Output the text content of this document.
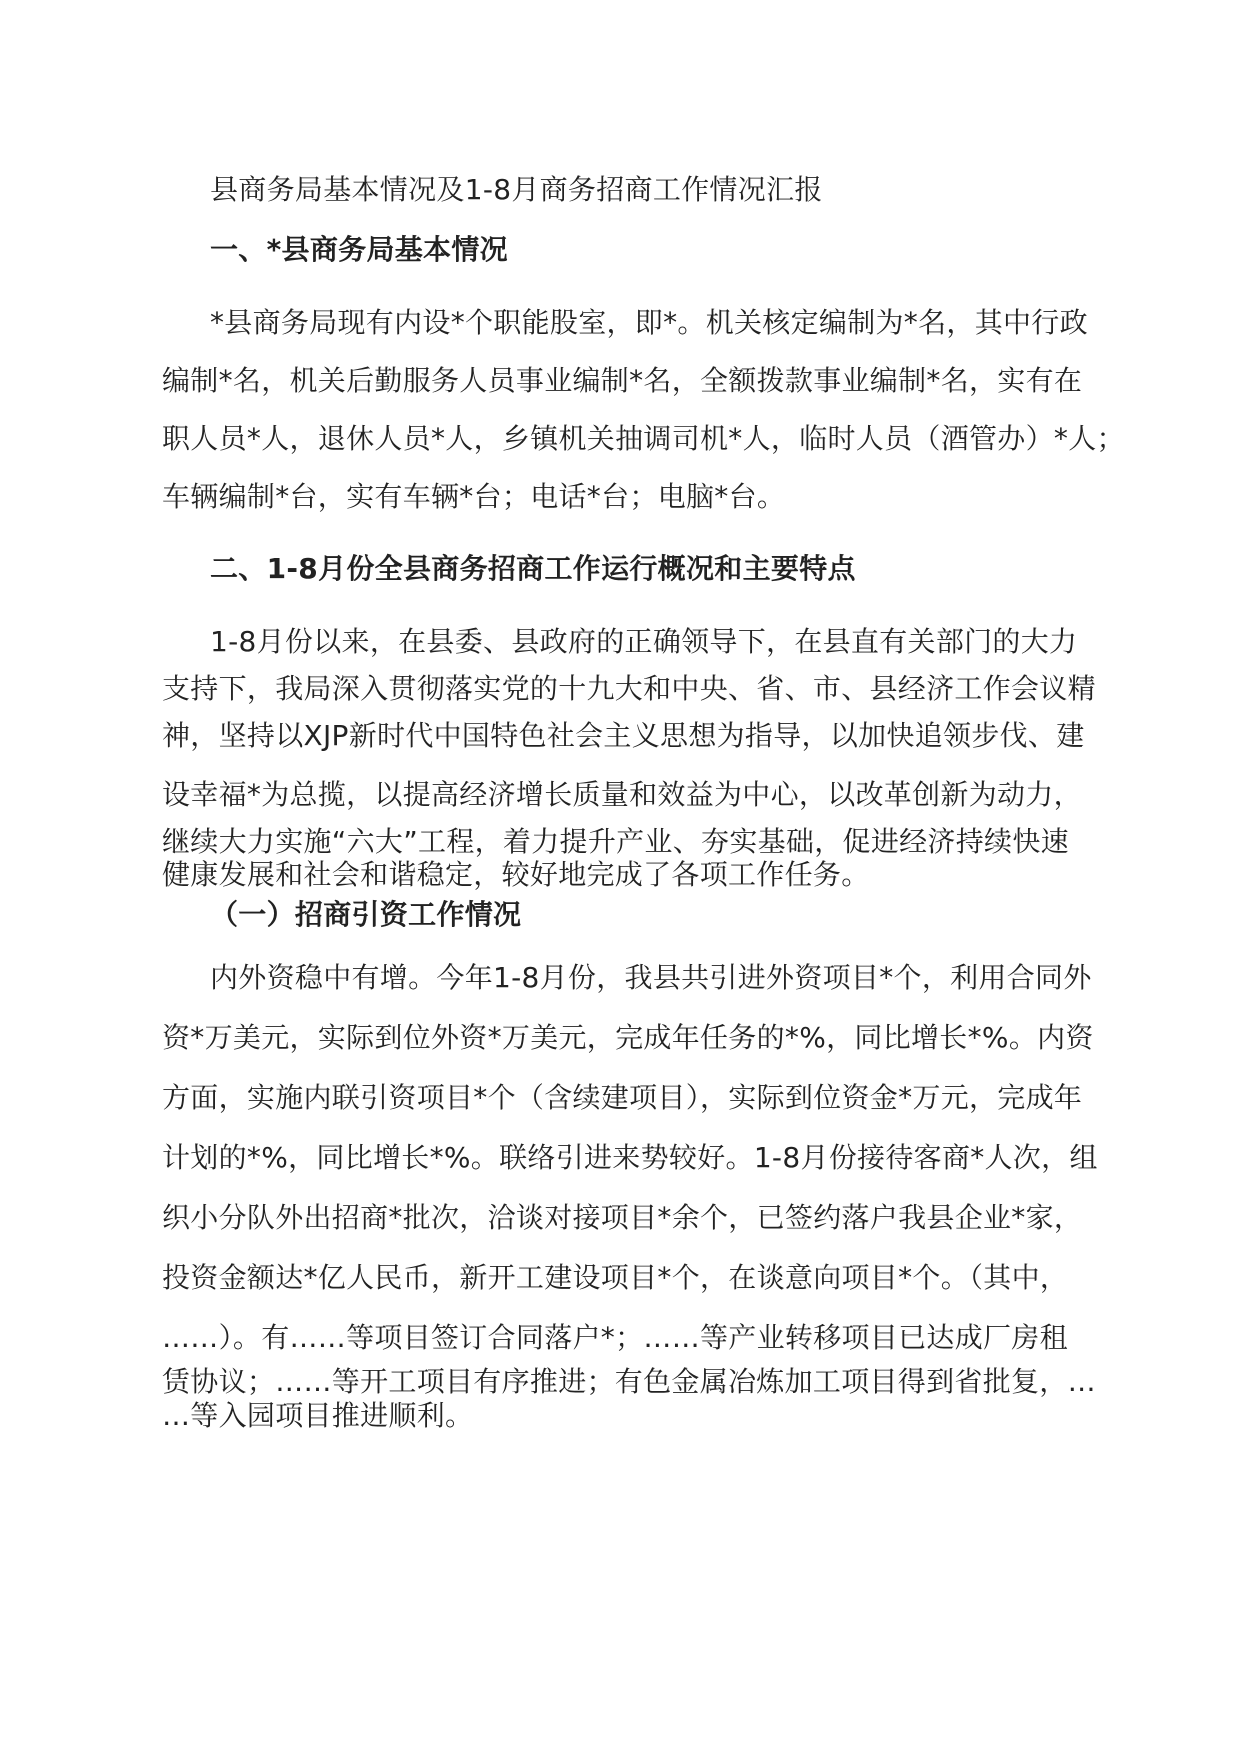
县商务局基本情况及1-8月商务招商工作情况汇报
一、*县商务局基本情况
*县商务局现有内设*个职能股室，即*。机关核定编制为*名，其中行政
编制*名，机关后勤服务人员事业编制*名，全额拨款事业编制*名，实有在
职人员*人，退休人员*人，乡镇机关抽调司机*人，临时人员（酒管办）*人；
车辆编制*台，实有车辆*台；电话*台；电脑*台。
二、1-8月份全县商务招商工作运行概况和主要特点
1-8月份以来，在县委、县政府的正确领导下，在县直有关部门的大力
支持下，我局深入贯彻落实党的十九大和中央、省、市、县经济工作会议精
神，坚持以XJP新时代中国特色社会主义思想为指导，以加快追领步伐、建
设幸福*为总揽，以提高经济增长质量和效益为中心，以改革创新为动力，
继续大力实施“六大”工程，着力提升产业、夯实基础，促进经济持续快速
健康发展和社会和谐稳定，较好地完成了各项工作任务。
（一）招商引资工作情况
内外资稳中有增。今年1-8月份，我县共引进外资项目*个，利用合同外
资*万美元，实际到位外资*万美元，完成年任务的*%，同比增长*%。内资
方面，实施内联引资项目*个（含续建项目），实际到位资金*万元，完成年
计划的*%，同比增长*%。联络引进来势较好。1-8月份接待客商*人次，组
织小分队外出招商*批次，洽谈对接项目*余个，已签约落户我县企业*家，
投资金额达*亿人民币，新开工建设项目*个，在谈意向项目*个。（其中，
……）。有……等项目签订合同落户*；……等产业转移项目已达成厂房租
赁协议；……等开工项目有序推进；有色金属冶炼加工项目得到省批复，…
…等入园项目推进顺利。
